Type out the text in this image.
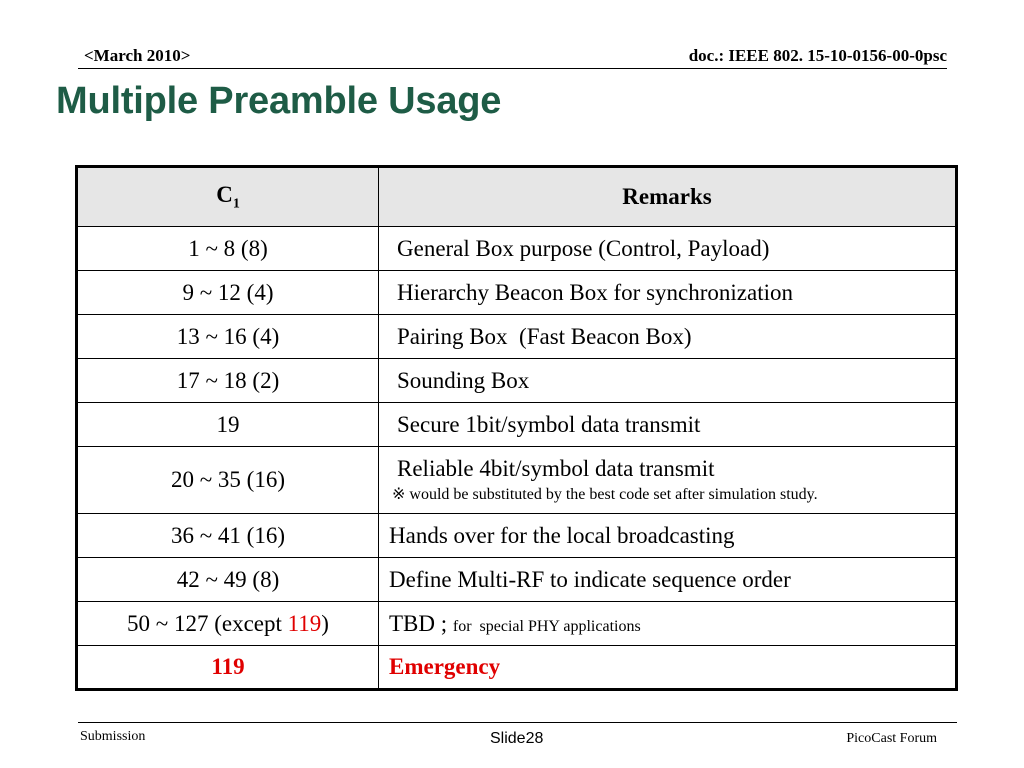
<March 2010>	doc.: IEEE 802. 15-10-0156-00-0psc
Multiple Preamble Usage
$C_1$	Remarks
1 ~ 8 (8)	General Box purpose (Control, Payload)
9 ~ 12 (4)	Hierarchy Beacon Box for synchronization
13 ~ 16 (4)	Pairing Box  (Fast Beacon Box)
17 ~ 18 (2)	Sounding Box
19	Secure 1bit/symbol data transmit
20 ~ 35 (16)	Reliable 4bit/symbol data transmit
※ would be substituted by the best code set after simulation study.

36 ~ 41 (16)	Hands over for the local broadcasting
42 ~ 49 (8)	Define Multi-RF to indicate sequence order
50 ~ 127 (except 119)	TBD ; for  special PHY applications
119	Emergency
Submission	Slide28	PicoCast Forum
